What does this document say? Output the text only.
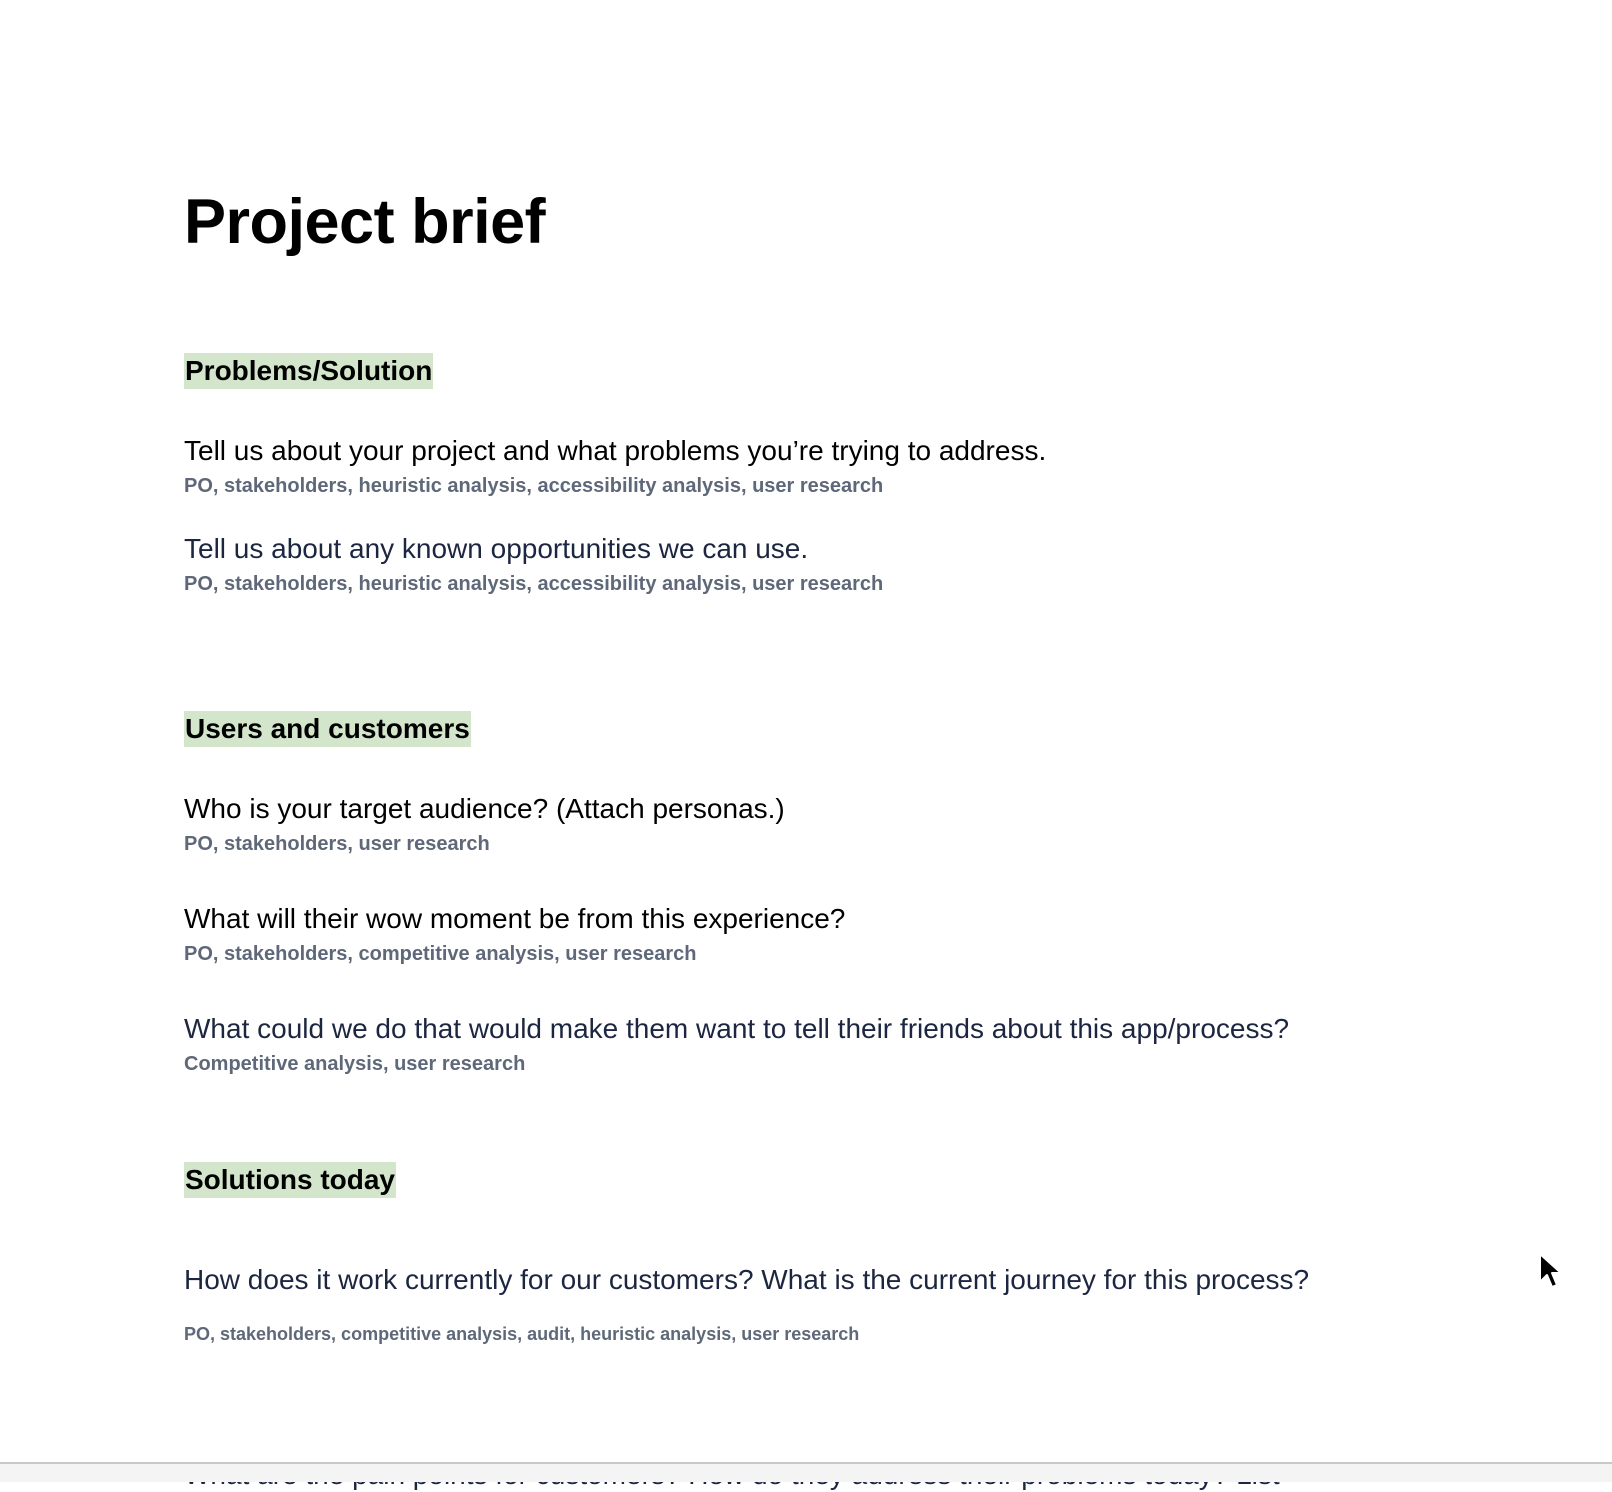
Project brief
Problems/Solution

Tell us about your project and what problems you’re trying to address.

PO, stakeholders, heuristic analysis, accessibility analysis, user research

Tell us about any known opportunities we can use.

PO, stakeholders, heuristic analysis, accessibility analysis, user research

Users and customers

Who is your target audience? (Attach personas.)

PO, stakeholders, user research

What will their wow moment be from this experience?

PO, stakeholders, competitive analysis, user research

What could we do that would make them want to tell their friends about this app/process?

Competitive analysis, user research

Solutions today

How does it work currently for our customers? What is the current journey for this process?

PO, stakeholders, competitive analysis, audit, heuristic analysis, user research
